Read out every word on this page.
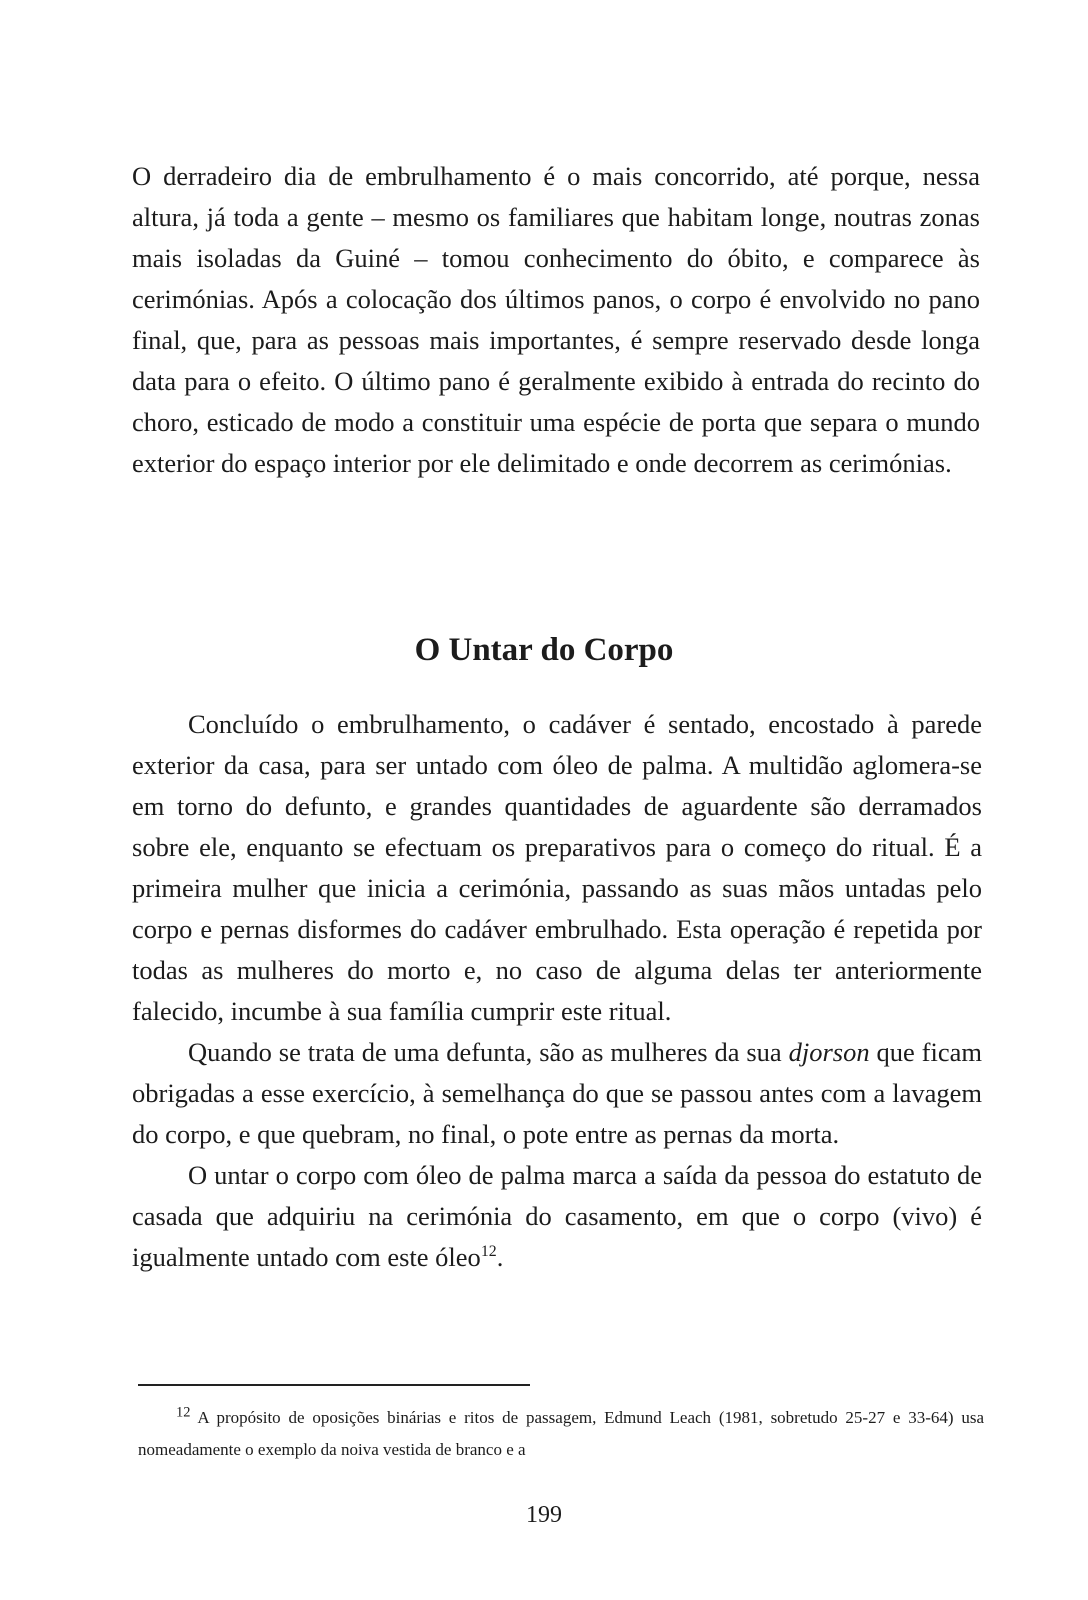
O derradeiro dia de embrulhamento é o mais concorrido, até porque, nessa altura, já toda a gente – mesmo os familiares que habitam longe, noutras zonas mais isoladas da Guiné – tomou conhecimento do óbito, e comparece às cerimónias. Após a colocação dos últimos panos, o corpo é envolvido no pano final, que, para as pessoas mais importantes, é sempre reservado desde longa data para o efeito. O último pano é geralmente exibido à entrada do recinto do choro, esticado de modo a constituir uma espécie de porta que separa o mundo exterior do espaço interior por ele delimitado e onde decorrem as cerimónias.

O Untar do Corpo

Concluído o embrulhamento, o cadáver é sentado, encostado à parede exterior da casa, para ser untado com óleo de palma. A multidão aglomera-se em torno do defunto, e grandes quantidades de aguardente são derramados sobre ele, enquanto se efectuam os preparativos para o começo do ritual. É a primeira mulher que inicia a cerimónia, passando as suas mãos untadas pelo corpo e pernas disformes do cadáver embrulhado. Esta operação é repetida por todas as mulheres do morto e, no caso de alguma delas ter anteriormente falecido, incumbe à sua família cumprir este ritual.

Quando se trata de uma defunta, são as mulheres da sua djorson que ficam obrigadas a esse exercício, à semelhança do que se passou antes com a lavagem do corpo, e que quebram, no final, o pote entre as pernas da morta.

O untar o corpo com óleo de palma marca a saída da pessoa do estatuto de casada que adquiriu na cerimónia do casamento, em que o corpo (vivo) é igualmente untado com este óleo$^{12}$.

$^{12}$ A propósito de oposições binárias e ritos de passagem, Edmund Leach (1981, sobretudo 25-27 e 33-64) usa nomeadamente o exemplo da noiva vestida de branco e a

199
